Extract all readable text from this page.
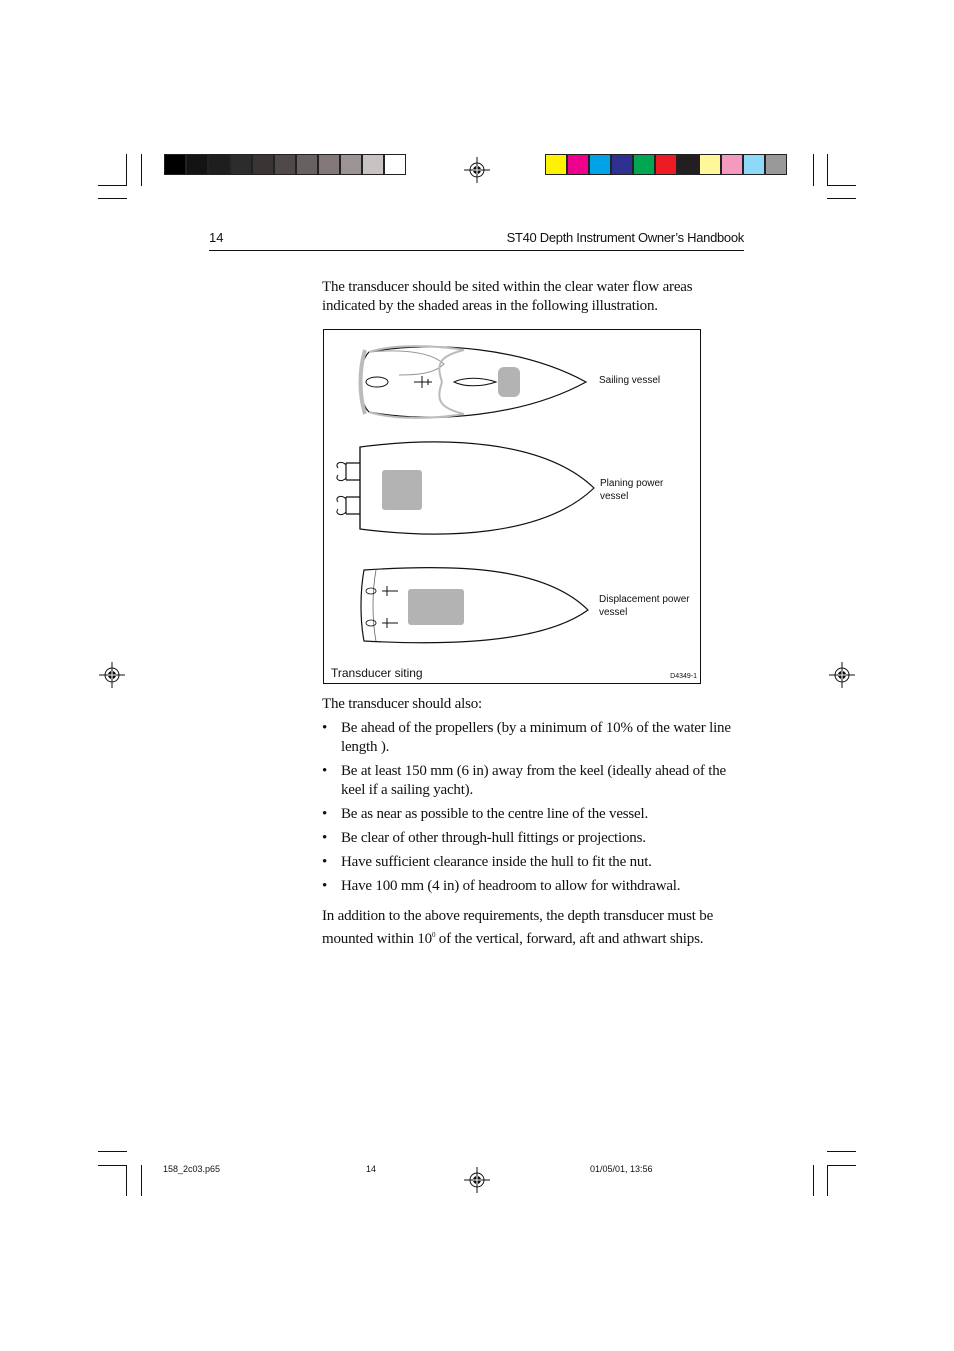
14	ST40 Depth Instrument Owner’s Handbook
The transducer should be sited within the clear water flow areas indicated by the shaded areas in the following illustration.
Sailing vessel
Planing power
vessel
Displacement power
vessel
Transducer siting	D4349-1
The transducer should also:
• Be ahead of the propellers (by a minimum of 10% of the water line length ).
• Be at least 150 mm (6 in) away from the keel (ideally ahead of the keel if a sailing yacht).
• Be as near as possible to the centre line of the vessel.
• Be clear of other through-hull fittings or projections.
• Have sufficient clearance inside the hull to fit the nut.
• Have 100 mm (4 in) of headroom to allow for withdrawal.
In addition to the above requirements, the depth transducer must be mounted within $10^0$ of the vertical, forward, aft and athwart ships.
158_2c03.p65	14	01/05/01, 13:56
